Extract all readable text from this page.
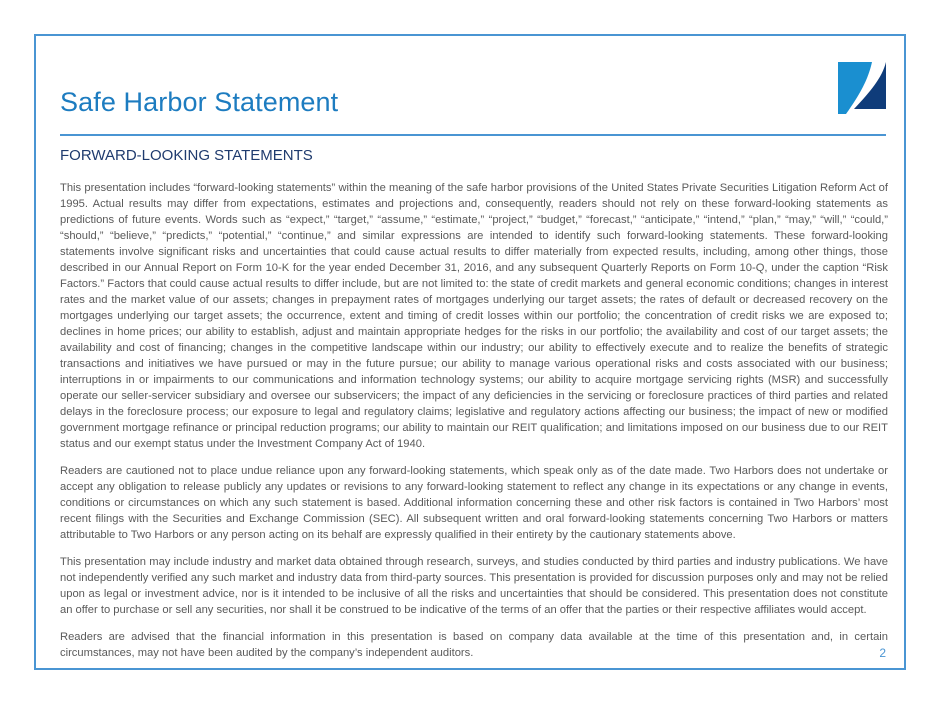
Safe Harbor Statement
FORWARD-LOOKING STATEMENTS

This presentation includes “forward-looking statements” within the meaning of the safe harbor provisions of the United States Private Securities Litigation Reform Act of 1995. Actual results may differ from expectations, estimates and projections and, consequently, readers should not rely on these forward-looking statements as predictions of future events. Words such as “expect,” “target,” “assume,” “estimate,” “project,” “budget,” “forecast,” “anticipate,” “intend,” “plan,” “may,” “will,” “could,” “should,” “believe,” “predicts,” “potential,” “continue,” and similar expressions are intended to identify such forward-looking statements. These forward-looking statements involve significant risks and uncertainties that could cause actual results to differ materially from expected results, including, among other things, those described in our Annual Report on Form 10-K for the year ended December 31, 2016, and any subsequent Quarterly Reports on Form 10-Q, under the caption “Risk Factors.” Factors that could cause actual results to differ include, but are not limited to: the state of credit markets and general economic conditions; changes in interest rates and the market value of our assets; changes in prepayment rates of mortgages underlying our target assets; the rates of default or decreased recovery on the mortgages underlying our target assets; the occurrence, extent and timing of credit losses within our portfolio; the concentration of credit risks we are exposed to; declines in home prices; our ability to establish, adjust and maintain appropriate hedges for the risks in our portfolio; the availability and cost of our target assets; the availability and cost of financing; changes in the competitive landscape within our industry; our ability to effectively execute and to realize the benefits of strategic transactions and initiatives we have pursued or may in the future pursue; our ability to manage various operational risks and costs associated with our business; interruptions in or impairments to our communications and information technology systems; our ability to acquire mortgage servicing rights (MSR) and successfully operate our seller-servicer subsidiary and oversee our subservicers; the impact of any deficiencies in the servicing or foreclosure practices of third parties and related delays in the foreclosure process; our exposure to legal and regulatory claims; legislative and regulatory actions affecting our business; the impact of new or modified government mortgage refinance or principal reduction programs; our ability to maintain our REIT qualification; and limitations imposed on our business due to our REIT status and our exempt status under the Investment Company Act of 1940.

Readers are cautioned not to place undue reliance upon any forward-looking statements, which speak only as of the date made. Two Harbors does not undertake or accept any obligation to release publicly any updates or revisions to any forward-looking statement to reflect any change in its expectations or any change in events, conditions or circumstances on which any such statement is based. Additional information concerning these and other risk factors is contained in Two Harbors’ most recent filings with the Securities and Exchange Commission (SEC). All subsequent written and oral forward-looking statements concerning Two Harbors or matters attributable to Two Harbors or any person acting on its behalf are expressly qualified in their entirety by the cautionary statements above.

This presentation may include industry and market data obtained through research, surveys, and studies conducted by third parties and industry publications. We have not independently verified any such market and industry data from third-party sources. This presentation is provided for discussion purposes only and may not be relied upon as legal or investment advice, nor is it intended to be inclusive of all the risks and uncertainties that should be considered. This presentation does not constitute an offer to purchase or sell any securities, nor shall it be construed to be indicative of the terms of an offer that the parties or their respective affiliates would accept.

Readers are advised that the financial information in this presentation is based on company data available at the time of this presentation and, in certain circumstances, may not have been audited by the company’s independent auditors.	2
